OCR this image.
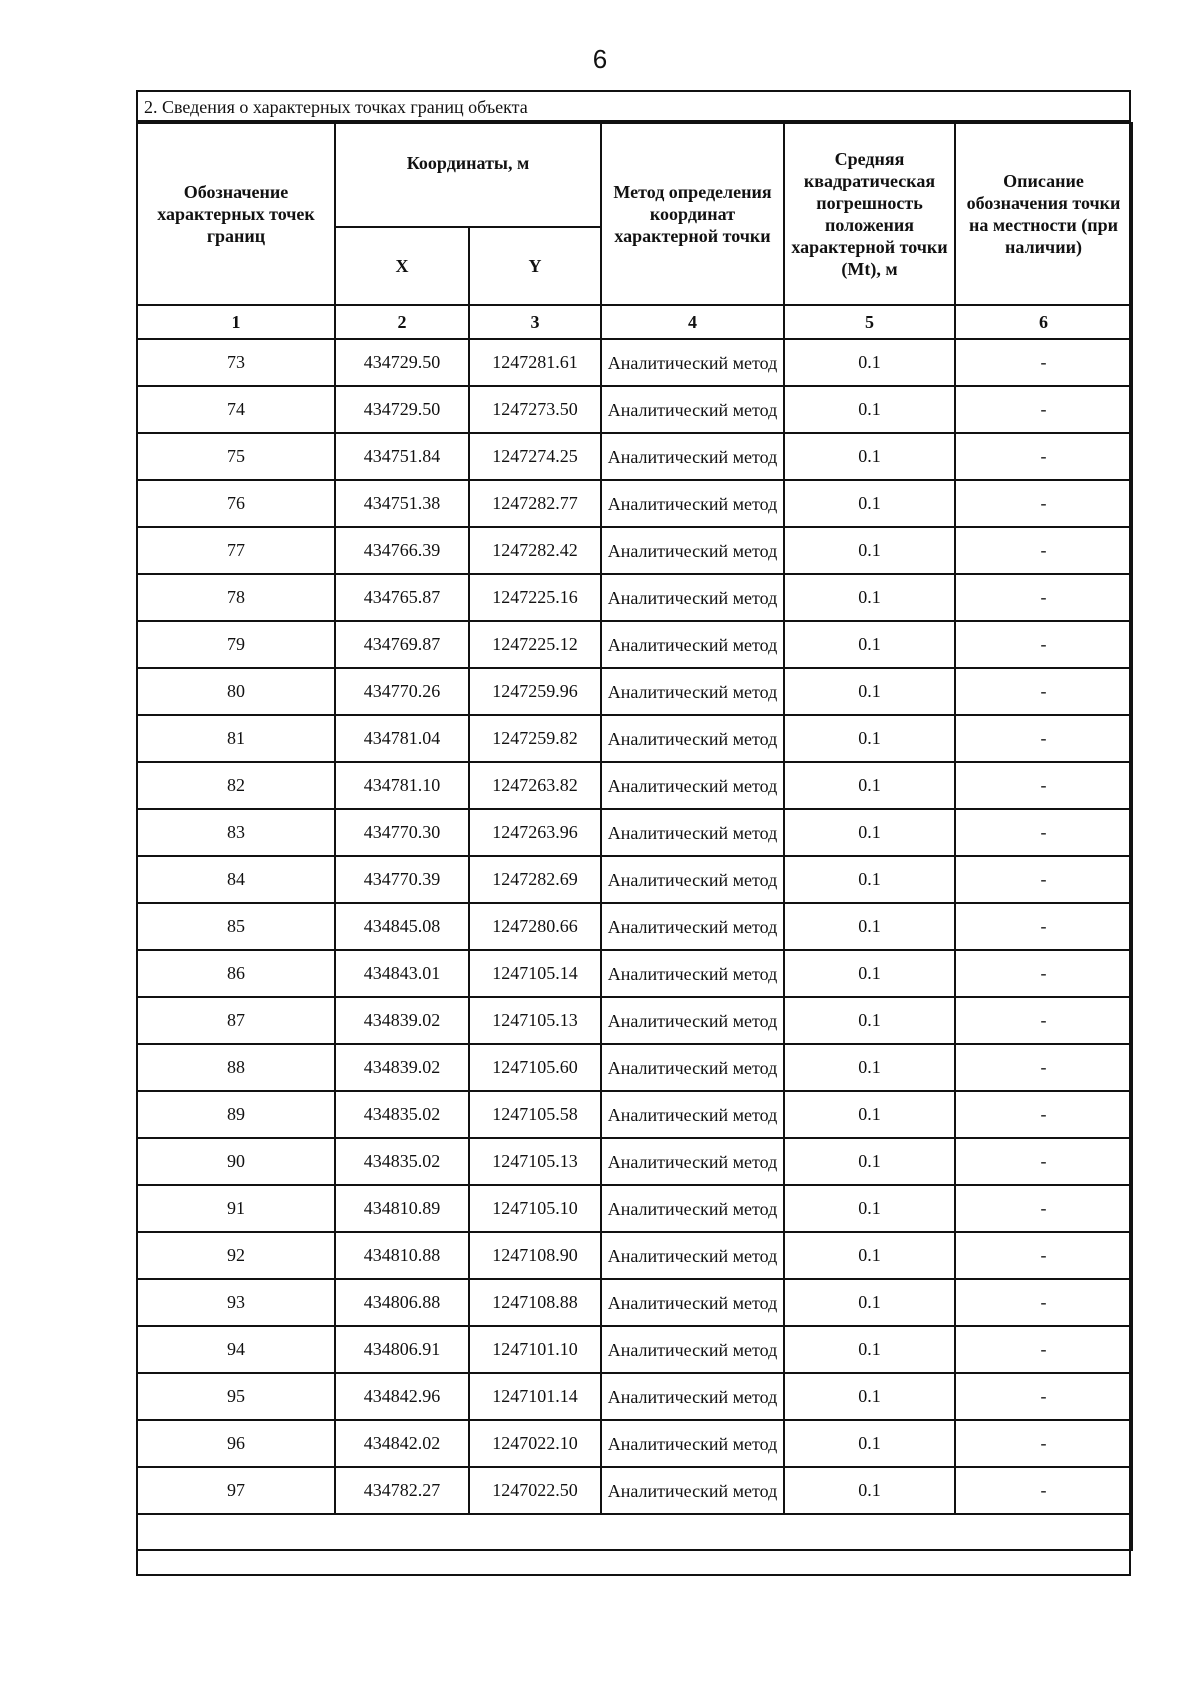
6
2. Сведения о характерных точках границ объекта
Обозначение характерных точек границ	Координаты, м		Метод определения координат характерной точки	Средняя квадратическая погрешность положения характерной точки (Mt), м	Описание обозначения точки на местности (при наличии)
	X	Y			
1	2	3	4	5	6
73	434729.50	1247281.61	Аналитический метод	0.1	-
74	434729.50	1247273.50	Аналитический метод	0.1	-
75	434751.84	1247274.25	Аналитический метод	0.1	-
76	434751.38	1247282.77	Аналитический метод	0.1	-
77	434766.39	1247282.42	Аналитический метод	0.1	-
78	434765.87	1247225.16	Аналитический метод	0.1	-
79	434769.87	1247225.12	Аналитический метод	0.1	-
80	434770.26	1247259.96	Аналитический метод	0.1	-
81	434781.04	1247259.82	Аналитический метод	0.1	-
82	434781.10	1247263.82	Аналитический метод	0.1	-
83	434770.30	1247263.96	Аналитический метод	0.1	-
84	434770.39	1247282.69	Аналитический метод	0.1	-
85	434845.08	1247280.66	Аналитический метод	0.1	-
86	434843.01	1247105.14	Аналитический метод	0.1	-
87	434839.02	1247105.13	Аналитический метод	0.1	-
88	434839.02	1247105.60	Аналитический метод	0.1	-
89	434835.02	1247105.58	Аналитический метод	0.1	-
90	434835.02	1247105.13	Аналитический метод	0.1	-
91	434810.89	1247105.10	Аналитический метод	0.1	-
92	434810.88	1247108.90	Аналитический метод	0.1	-
93	434806.88	1247108.88	Аналитический метод	0.1	-
94	434806.91	1247101.10	Аналитический метод	0.1	-
95	434842.96	1247101.14	Аналитический метод	0.1	-
96	434842.02	1247022.10	Аналитический метод	0.1	-
97	434782.27	1247022.50	Аналитический метод	0.1	-
